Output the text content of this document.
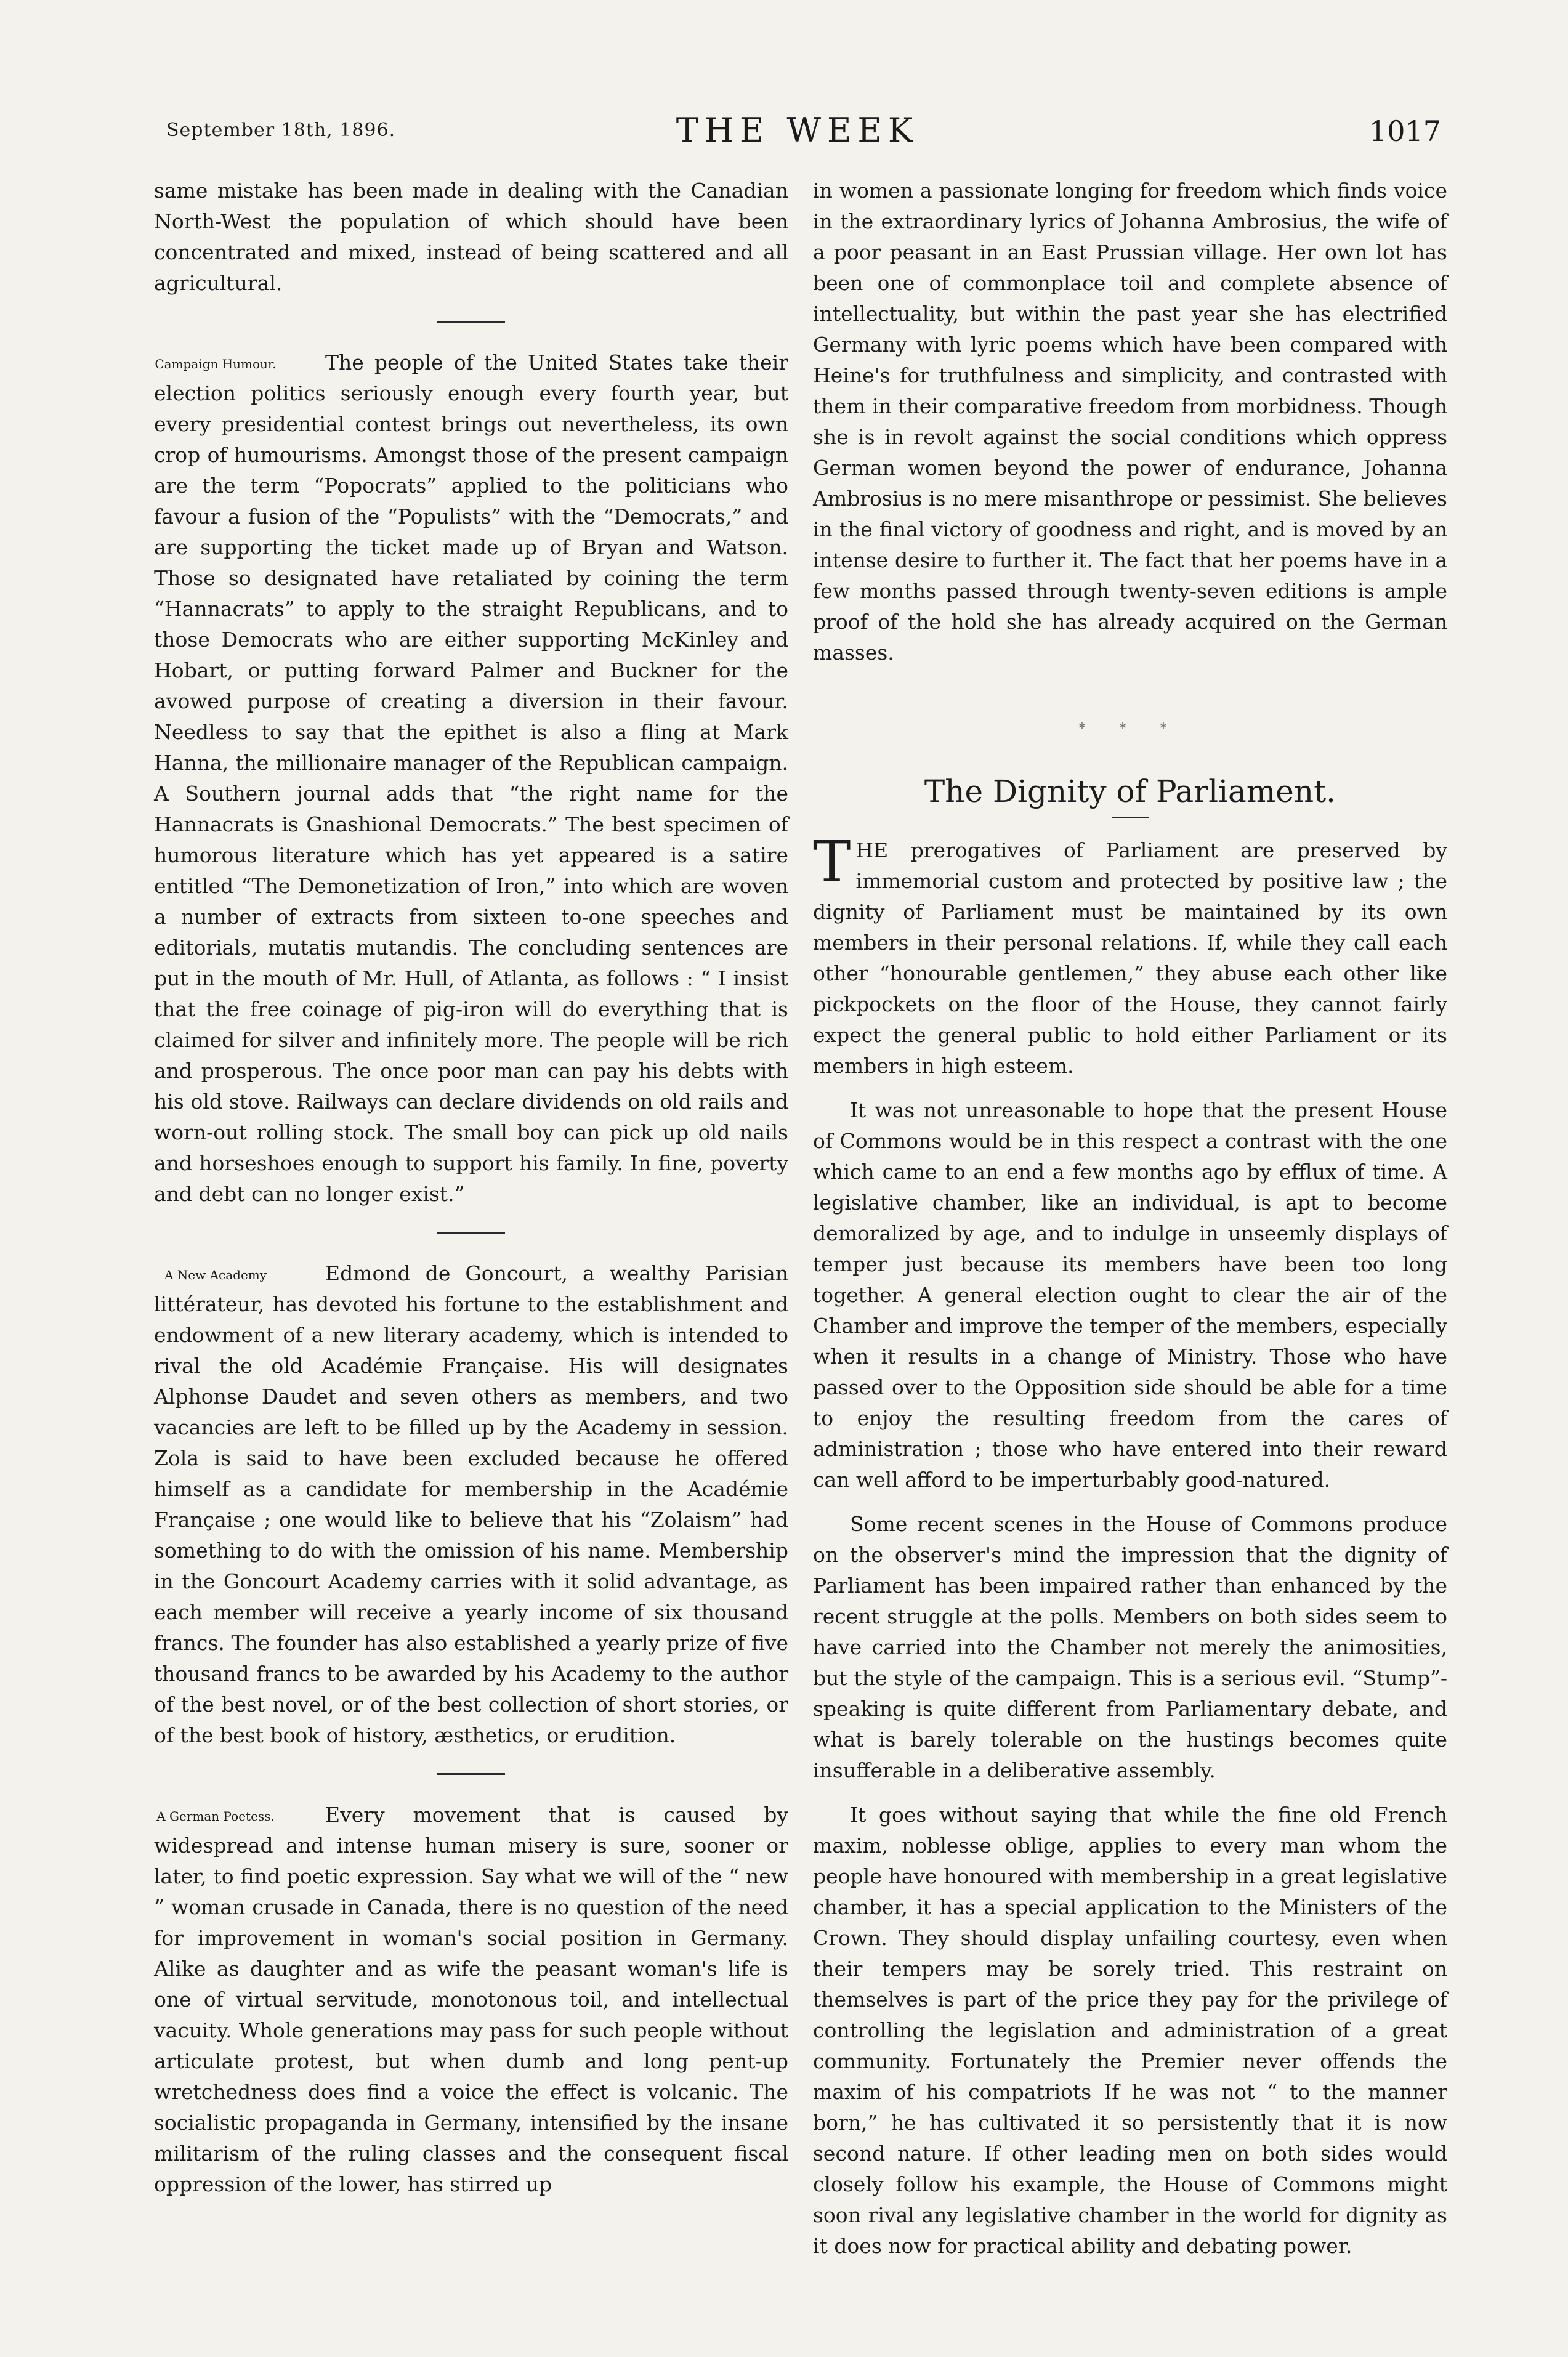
September 18th, 1896.	THE WEEK	1017

same mistake has been made in dealing with the Canadian North-West the population of which should have been concentrated and mixed, instead of being scattered and all agricultural.

Campaign Humour.	The people of the United States take their election politics seriously enough every fourth year, but every presidential contest brings out nevertheless, its own crop of humourisms. Amongst those of the present campaign are the term “Popocrats” applied to the politicians who favour a fusion of the “Populists” with the “Democrats,” and are supporting the ticket made up of Bryan and Watson. Those so designated have retaliated by coining the term “Hannacrats” to apply to the straight Republicans, and to those Democrats who are either supporting McKinley and Hobart, or putting forward Palmer and Buckner for the avowed purpose of creating a diversion in their favour. Needless to say that the epithet is also a fling at Mark Hanna, the millionaire manager of the Republican campaign. A Southern journal adds that “the right name for the Hannacrats is Gnashional Democrats.” The best specimen of humorous literature which has yet appeared is a satire entitled “The Demonetization of Iron,” into which are woven a number of extracts from sixteen to-one speeches and editorials, mutatis mutandis. The concluding sentences are put in the mouth of Mr. Hull, of Atlanta, as follows : “ I insist that the free coinage of pig-iron will do everything that is claimed for silver and infinitely more. The people will be rich and prosperous. The once poor man can pay his debts with his old stove. Railways can declare dividends on old rails and worn-out rolling stock. The small boy can pick up old nails and horseshoes enough to support his family. In fine, poverty and debt can no longer exist.”

A New Academy	Edmond de Goncourt, a wealthy Parisian littérateur, has devoted his fortune to the establishment and endowment of a new literary academy, which is intended to rival the old Académie Française. His will designates Alphonse Daudet and seven others as members, and two vacancies are left to be filled up by the Academy in session. Zola is said to have been excluded because he offered himself as a candidate for membership in the Académie Française ; one would like to believe that his “Zolaism” had something to do with the omission of his name. Membership in the Goncourt Academy carries with it solid advantage, as each member will receive a yearly income of six thousand francs. The founder has also established a yearly prize of five thousand francs to be awarded by his Academy to the author of the best novel, or of the best collection of short stories, or of the best book of history, æsthetics, or erudition.

A German Poetess.	Every movement that is caused by widespread and intense human misery is sure, sooner or later, to find poetic expression. Say what we will of the “ new ” woman crusade in Canada, there is no question of the need for improvement in woman's social position in Germany. Alike as daughter and as wife the peasant woman's life is one of virtual servitude, monotonous toil, and intellectual vacuity. Whole generations may pass for such people without articulate protest, but when dumb and long pent-up wretchedness does find a voice the effect is volcanic. The socialistic propaganda in Germany, intensified by the insane militarism of the ruling classes and the consequent fiscal oppression of the lower, has stirred up

in women a passionate longing for freedom which finds voice in the extraordinary lyrics of Johanna Ambrosius, the wife of a poor peasant in an East Prussian village. Her own lot has been one of commonplace toil and complete absence of intellectuality, but within the past year she has electrified Germany with lyric poems which have been compared with Heine's for truthfulness and simplicity, and contrasted with them in their comparative freedom from morbidness. Though she is in revolt against the social conditions which oppress German women beyond the power of endurance, Johanna Ambrosius is no mere misanthrope or pessimist. She believes in the final victory of goodness and right, and is moved by an intense desire to further it. The fact that her poems have in a few months passed through twenty-seven editions is ample proof of the hold she has already acquired on the German masses.

* * *
The Dignity of Parliament.

THE prerogatives of Parliament are preserved by immemorial custom and protected by positive law ; the dignity of Parliament must be maintained by its own members in their personal relations. If, while they call each other “honourable gentlemen,” they abuse each other like pickpockets on the floor of the House, they cannot fairly expect the general public to hold either Parliament or its members in high esteem.

It was not unreasonable to hope that the present House of Commons would be in this respect a contrast with the one which came to an end a few months ago by efflux of time. A legislative chamber, like an individual, is apt to become demoralized by age, and to indulge in unseemly displays of temper just because its members have been too long together. A general election ought to clear the air of the Chamber and improve the temper of the members, especially when it results in a change of Ministry. Those who have passed over to the Opposition side should be able for a time to enjoy the resulting freedom from the cares of administration ; those who have entered into their reward can well afford to be imperturbably good-natured.

Some recent scenes in the House of Commons produce on the observer's mind the impression that the dignity of Parliament has been impaired rather than enhanced by the recent struggle at the polls. Members on both sides seem to have carried into the Chamber not merely the animosities, but the style of the campaign. This is a serious evil. “Stump”-speaking is quite different from Parliamentary debate, and what is barely tolerable on the hustings becomes quite insufferable in a deliberative assembly.

It goes without saying that while the fine old French maxim, noblesse oblige, applies to every man whom the people have honoured with membership in a great legislative chamber, it has a special application to the Ministers of the Crown. They should display unfailing courtesy, even when their tempers may be sorely tried. This restraint on themselves is part of the price they pay for the privilege of controlling the legislation and administration of a great community. Fortunately the Premier never offends the maxim of his compatriots If he was not “ to the manner born,” he has cultivated it so persistently that it is now second nature. If other leading men on both sides would closely follow his example, the House of Commons might soon rival any legislative chamber in the world for dignity as it does now for practical ability and debating power.
